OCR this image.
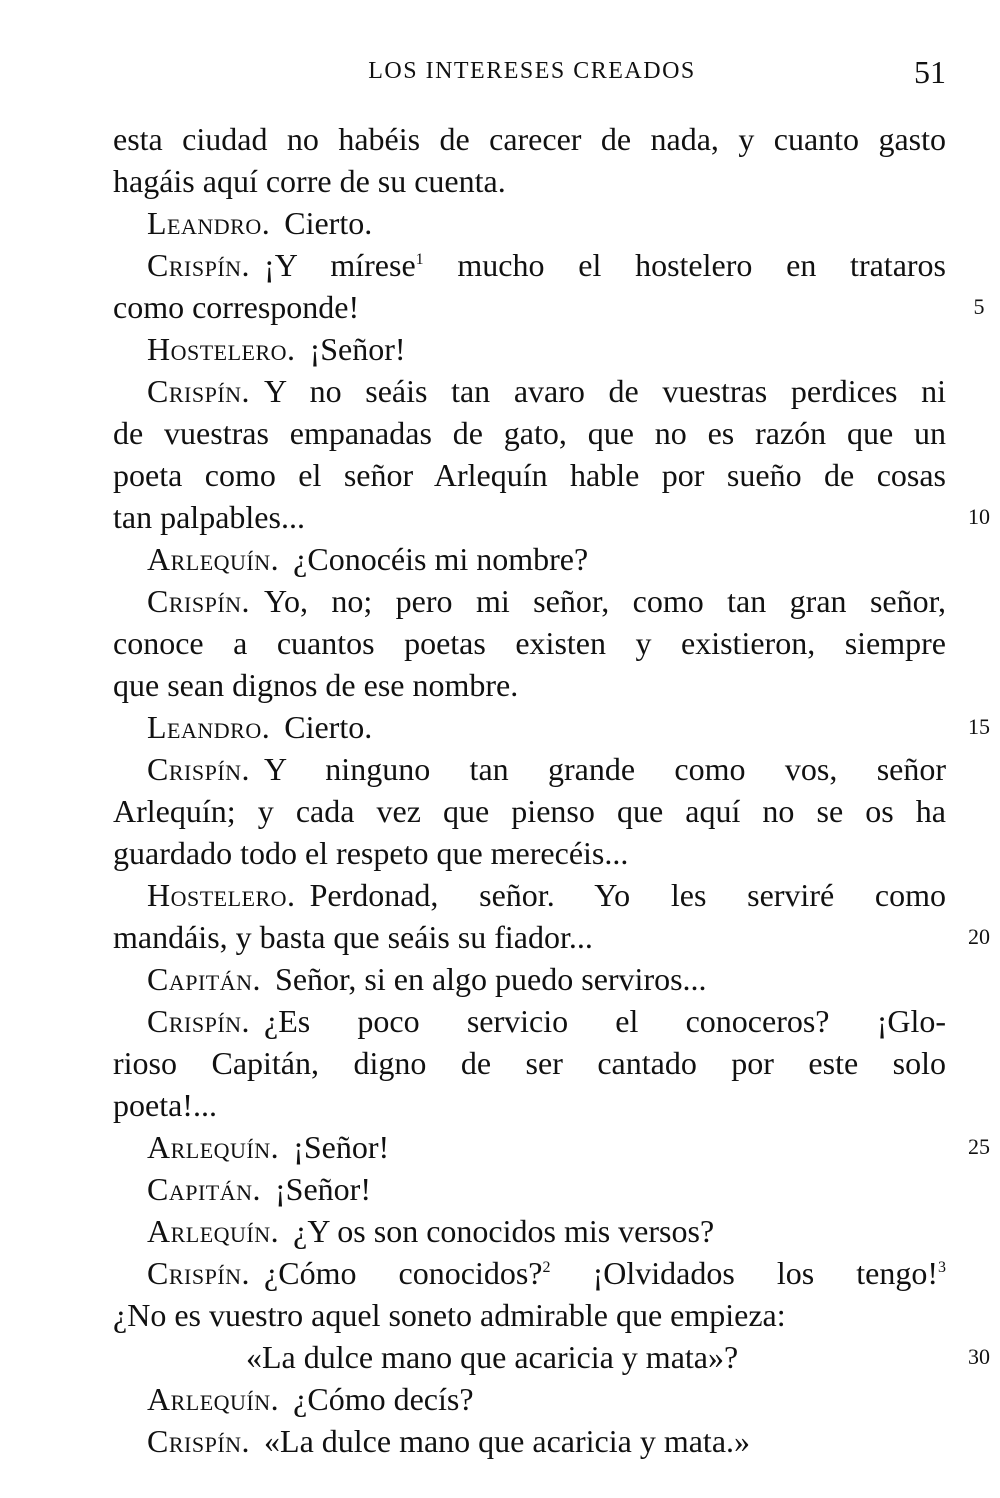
LOS INTERESES CREADOS	51
esta ciudad no habéis de carecer de nada, y cuanto gasto
hagáis aquí corre de su cuenta.
Leandro. Cierto.
Crispín. ¡Y mírese$^1$ mucho el hostelero en trataros
como corresponde!	5
Hostelero. ¡Señor!
Crispín. Y no seáis tan avaro de vuestras perdices ni
de vuestras empanadas de gato, que no es razón que un
poeta como el señor Arlequín hable por sueño de cosas
tan palpables...	10
Arlequín. ¿Conocéis mi nombre?
Crispín. Yo, no; pero mi señor, como tan gran señor,
conoce a cuantos poetas existen y existieron, siempre
que sean dignos de ese nombre.
Leandro. Cierto.	15
Crispín. Y ninguno tan grande como vos, señor
Arlequín; y cada vez que pienso que aquí no se os ha
guardado todo el respeto que merecéis...
Hostelero. Perdonad, señor. Yo les serviré como
mandáis, y basta que seáis su fiador...	20
Capitán. Señor, si en algo puedo serviros...
Crispín. ¿Es poco servicio el conoceros? ¡Glo-
rioso Capitán, digno de ser cantado por este solo
poeta!...
Arlequín. ¡Señor!	25
Capitán. ¡Señor!
Arlequín. ¿Y os son conocidos mis versos?
Crispín. ¿Cómo conocidos?$^2$ ¡Olvidados los tengo!$^3$
¿No es vuestro aquel soneto admirable que empieza:
«La dulce mano que acaricia y mata»?	30
Arlequín. ¿Cómo decís?
Crispín. «La dulce mano que acaricia y mata.»
